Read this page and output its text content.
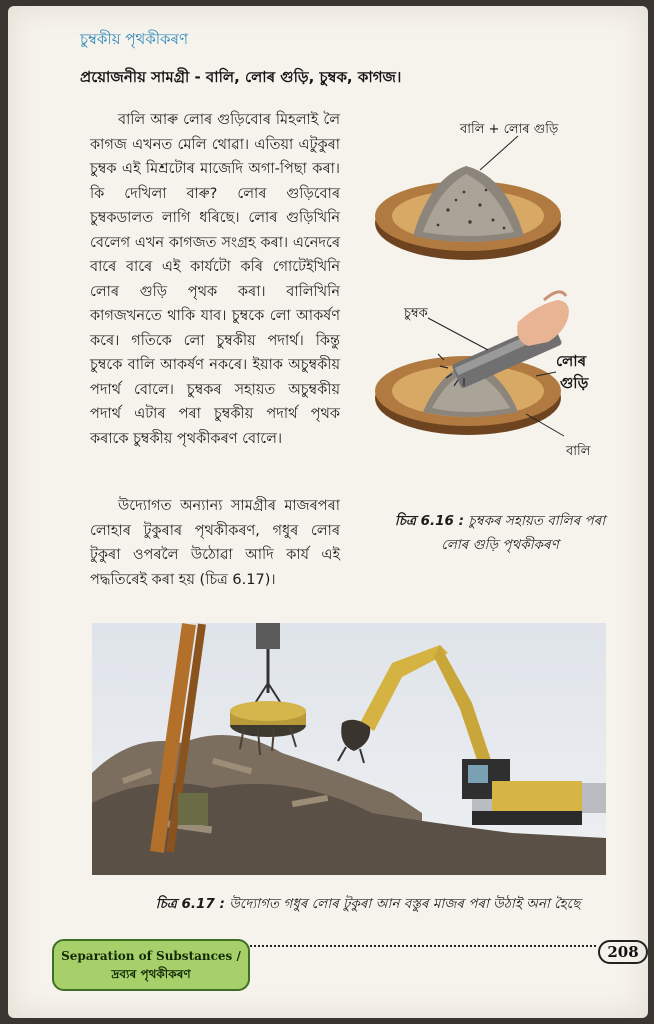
চুম্বকীয় পৃথকীকৰণ
প্ৰয়োজনীয় সামগ্ৰী - বালি, লোৰ গুড়ি, চুম্বক, কাগজ।
বালি আৰু লোৰ গুড়িবোৰ মিহলাই লৈ কাগজ এখনত মেলি থোৱা। এতিয়া এটুকুৰা চুম্বক এই মিশ্ৰটোৰ মাজেদি অগা-পিছা কৰা। কি দেখিলা বাৰু? লোৰ গুড়িবোৰ চুম্বকডালত লাগি ধৰিছে। লোৰ গুড়িখিনি বেলেগ এখন কাগজত সংগ্ৰহ কৰা। এনেদৰে বাৰে বাৰে এই কাৰ্যটো কৰি গোটেইখিনি লোৰ গুড়ি পৃথক কৰা। বালিখিনি কাগজখনতে থাকি যাব। চুম্বকে লো আকৰ্ষণ কৰে। গতিকে লো চুম্বকীয় পদাৰ্থ। কিন্তু চুম্বকে বালি আকৰ্ষণ নকৰে। ইয়াক অচুম্বকীয় পদাৰ্থ বোলে। চুম্বকৰ সহায়ত অচুম্বকীয় পদাৰ্থ এটাৰ পৰা চুম্বকীয় পদাৰ্থ পৃথক কৰাকে চুম্বকীয় পৃথকীকৰণ বোলে।
উদ্যোগত অন্যান্য সামগ্ৰীৰ মাজৰপৰা লোহাৰ টুকুৰাৰ পৃথকীকৰণ, গধুৰ লোৰ টুকুৰা ওপৰলৈ উঠোৱা আদি কাৰ্য এই পদ্ধতিৰেই কৰা হয় (চিত্ৰ 6.17)।
বালি + লোৰ গুড়ি
চুম্বক
লোৰ
গুড়ি
বালি
চিত্ৰ 6.16 : চুম্বকৰ সহায়ত বালিৰ পৰা লোৰ গুড়ি পৃথকীকৰণ
চিত্ৰ 6.17 : উদ্যোগত গধুৰ লোৰ টুকুৰা আন বস্তুৰ মাজৰ পৰা উঠাই অনা হৈছে
Separation of Substances /
দ্ৰব্যৰ পৃথকীকৰণ
208
